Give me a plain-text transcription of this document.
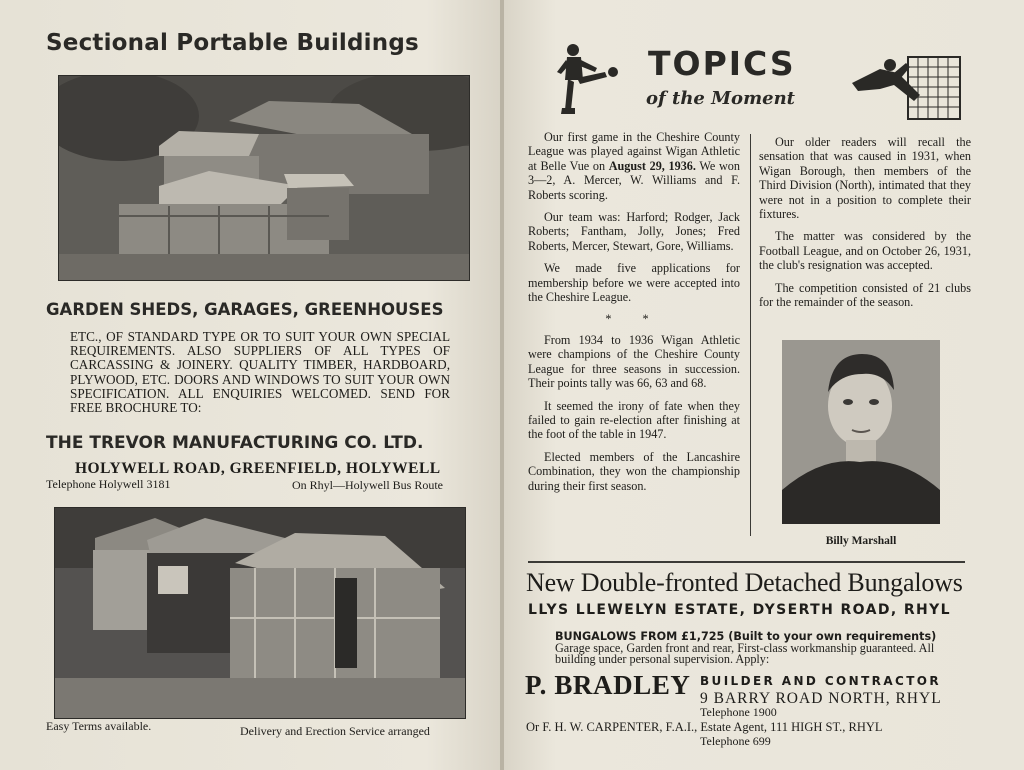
Sectional Portable Buildings
GARDEN SHEDS, GARAGES, GREENHOUSES

ETC., OF STANDARD TYPE OR TO SUIT YOUR OWN SPECIAL REQUIREMENTS. ALSO SUPPLIERS OF ALL TYPES OF CARCASSING & JOINERY. QUALITY TIMBER, HARDBOARD, PLYWOOD, ETC. DOORS AND WINDOWS TO SUIT YOUR OWN SPECIFICATION. ALL ENQUIRIES WELCOMED. SEND FOR FREE BROCHURE TO:

THE TREVOR MANUFACTURING CO. LTD.
HOLYWELL ROAD, GREENFIELD, HOLYWELL
Telephone Holywell 3181	On Rhyl—Holywell Bus Route
Easy Terms available.	Delivery and Erection Service arranged
TOPICS
of the Moment

Our first game in the Cheshire County League was played against Wigan Athletic at Belle Vue on August 29, 1936. We won 3—2, A. Mercer, W. Williams and F. Roberts scoring.

Our team was: Harford; Rodger, Jack Roberts; Fantham, Jolly, Jones; Fred Roberts, Mercer, Stewart, Gore, Williams.

We made five applications for membership before we were accepted into the Cheshire League.

* *

From 1934 to 1936 Wigan Athletic were champions of the Cheshire County League for three seasons in succession. Their points tally was 66, 63 and 68.

It seemed the irony of fate when they failed to gain re-election after finishing at the foot of the table in 1947.

Elected members of the Lancashire Combination, they won the championship during their first season.

Our older readers will recall the sensation that was caused in 1931, when Wigan Borough, then members of the Third Division (North), intimated that they were not in a position to complete their fixtures.

The matter was considered by the Football League, and on October 26, 1931, the club's resignation was accepted.

The competition consisted of 21 clubs for the remainder of the season.

Billy Marshall
New Double-fronted Detached Bungalows
LLYS LLEWELYN ESTATE, DYSERTH ROAD, RHYL
BUNGALOWS FROM £1,725 (Built to your own requirements)
Garage space, Garden front and rear, First-class workmanship guaranteed. All building under personal supervision. Apply:
P. BRADLEY BUILDER AND CONTRACTOR
9 BARRY ROAD NORTH, RHYL
Telephone 1900
Or F. H. W. CARPENTER, F.A.I., Estate Agent, 111 HIGH ST., RHYL
Telephone 699
